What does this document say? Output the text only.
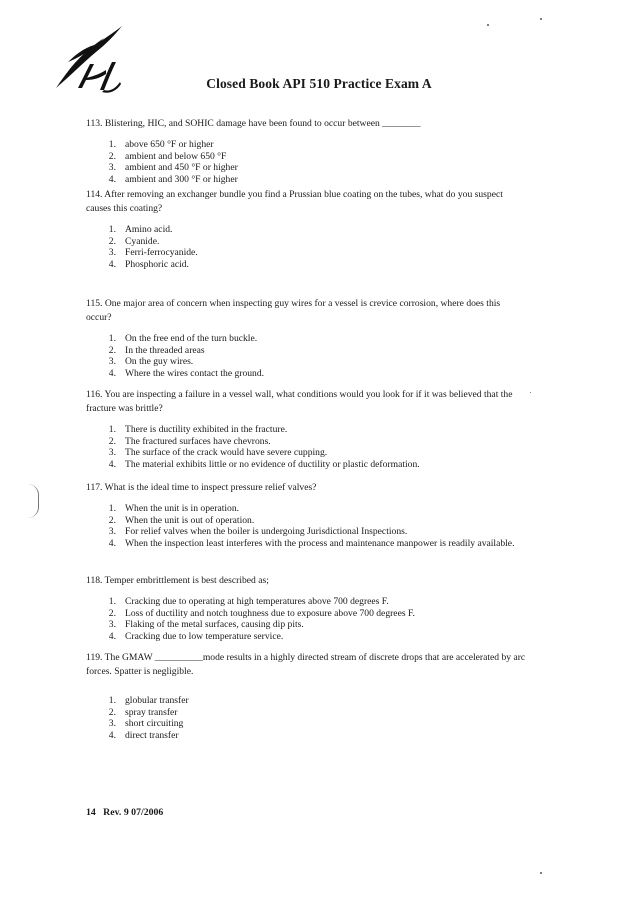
Closed Book API 510 Practice Exam A

113. Blistering, HIC, and SOHIC damage have been found to occur between ________

1. above 650 °F or higher
2. ambient and below 650 °F
3. ambient and 450 °F or higher
4. ambient and 300 °F or higher

114. After removing an exchanger bundle you find a Prussian blue coating on the tubes, what do you suspect causes this coating?

1. Amino acid.
2. Cyanide.
3. Ferri-ferrocyanide.
4. Phosphoric acid.

115. One major area of concern when inspecting guy wires for a vessel is crevice corrosion, where does this occur?

1. On the free end of the turn buckle.
2. In the threaded areas
3. On the guy wires.
4. Where the wires contact the ground.

116. You are inspecting a failure in a vessel wall, what conditions would you look for if it was believed that the fracture was brittle?

1. There is ductility exhibited in the fracture.
2. The fractured surfaces have chevrons.
3. The surface of the crack would have severe cupping.
4. The material exhibits little or no evidence of ductility or plastic deformation.

117. What is the ideal time to inspect pressure relief valves?

1. When the unit is in operation.
2. When the unit is out of operation.
3. For relief valves when the boiler is undergoing Jurisdictional Inspections.
4. When the inspection least interferes with the process and maintenance manpower is readily available.

118. Temper embrittlement is best described as;

1. Cracking due to operating at high temperatures above 700 degrees F.
2. Loss of ductility and notch toughness due to exposure above 700 degrees F.
3. Flaking of the metal surfaces, causing dip pits.
4. Cracking due to low temperature service.

119. The GMAW __________mode results in a highly directed stream of discrete drops that are accelerated by arc forces. Spatter is negligible.

1. globular transfer
2. spray transfer
3. short circuiting
4. direct transfer
14   Rev. 9 07/2006
